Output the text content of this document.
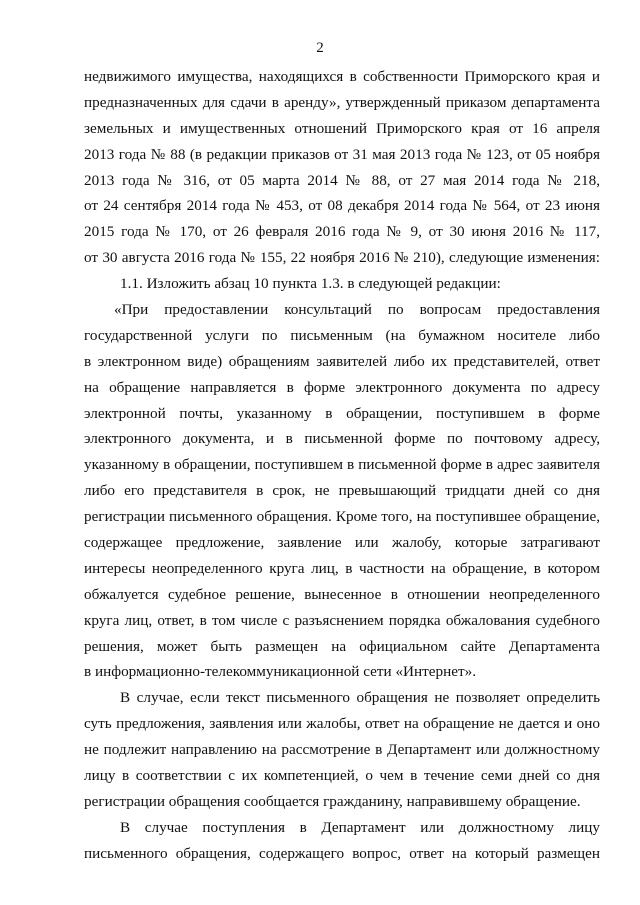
2
недвижимого имущества, находящихся в собственности Приморского края и
предназначенных для сдачи в аренду», утвержденный приказом департамента
земельных и имущественных отношений Приморского края от 16 апреля
2013 года № 88 (в редакции приказов от 31 мая 2013 года № 123, от 05 ноября
2013 года № 316, от 05 марта 2014 № 88, от 27 мая 2014 года № 218,
от 24 сентября 2014 года № 453, от 08 декабря 2014 года № 564, от 23 июня
2015 года № 170, от 26 февраля 2016 года № 9, от 30 июня 2016 № 117,
от 30 августа 2016 года № 155, 22 ноября 2016 № 210), следующие изменения:
1.1. Изложить абзац 10 пункта 1.3. в следующей редакции:
«При предоставлении консультаций по вопросам предоставления
государственной услуги по письменным (на бумажном носителе либо
в электронном виде) обращениям заявителей либо их представителей, ответ
на обращение направляется в форме электронного документа по адресу
электронной почты, указанному в обращении, поступившем в форме
электронного документа, и в письменной форме по почтовому адресу,
указанному в обращении, поступившем в письменной форме в адрес заявителя
либо его представителя в срок, не превышающий тридцати дней со дня
регистрации письменного обращения. Кроме того, на поступившее обращение,
содержащее предложение, заявление или жалобу, которые затрагивают
интересы неопределенного круга лиц, в частности на обращение, в котором
обжалуется судебное решение, вынесенное в отношении неопределенного
круга лиц, ответ, в том числе с разъяснением порядка обжалования судебного
решения, может быть размещен на официальном сайте Департамента
в информационно-телекоммуникационной сети «Интернет».
В случае, если текст письменного обращения не позволяет определить
суть предложения, заявления или жалобы, ответ на обращение не дается и оно
не подлежит направлению на рассмотрение в Департамент или должностному
лицу в соответствии с их компетенцией, о чем в течение семи дней со дня
регистрации обращения сообщается гражданину, направившему обращение.
В случае поступления в Департамент или должностному лицу
письменного обращения, содержащего вопрос, ответ на который размещен
